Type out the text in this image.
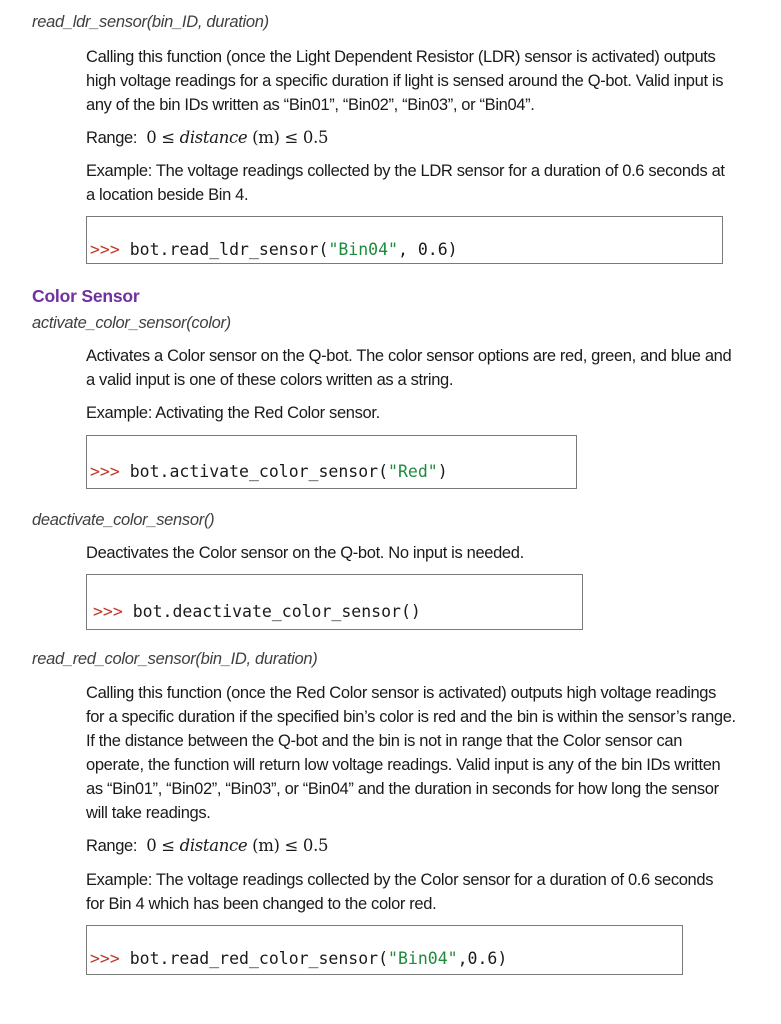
read_ldr_sensor(bin_ID, duration)
Calling this function (once the Light Dependent Resistor (LDR) sensor is activated) outputs
high voltage readings for a specific duration if light is sensed around the Q-bot. Valid input is
any of the bin IDs written as “Bin01”, “Bin02”, “Bin03”, or “Bin04”.
Range: 0 ≤ distance (m) ≤ 0.5
Example: The voltage readings collected by the LDR sensor for a duration of 0.6 seconds at
a location beside Bin 4.

>>> bot.read_ldr_sensor("Bin04", 0.6)

Color Sensor
activate_color_sensor(color)
Activates a Color sensor on the Q-bot. The color sensor options are red, green, and blue and
a valid input is one of these colors written as a string.
Example: Activating the Red Color sensor.

>>> bot.activate_color_sensor("Red")

deactivate_color_sensor()
Deactivates the Color sensor on the Q-bot. No input is needed.

>>> bot.deactivate_color_sensor()

read_red_color_sensor(bin_ID, duration)
Calling this function (once the Red Color sensor is activated) outputs high voltage readings
for a specific duration if the specified bin’s color is red and the bin is within the sensor’s range.
If the distance between the Q-bot and the bin is not in range that the Color sensor can
operate, the function will return low voltage readings. Valid input is any of the bin IDs written
as “Bin01”, “Bin02”, “Bin03”, or “Bin04” and the duration in seconds for how long the sensor
will take readings.
Range: 0 ≤ distance (m) ≤ 0.5
Example: The voltage readings collected by the Color sensor for a duration of 0.6 seconds
for Bin 4 which has been changed to the color red.

>>> bot.read_red_color_sensor("Bin04",0.6)
